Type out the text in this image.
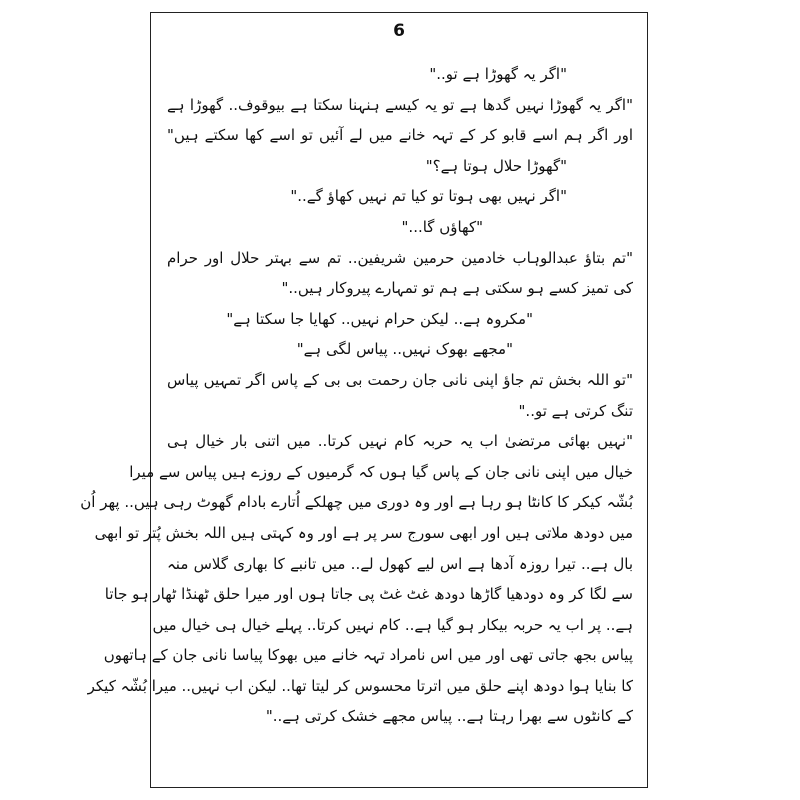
6
"اگر یہ گھوڑا ہے تو.."
"اگر یہ گھوڑا نہیں گدھا ہے تو یہ کیسے ہنہنا سکتا ہے بیوقوف.. گھوڑا ہے
اور اگر ہم اسے قابو کر کے تہہ خانے میں لے آئیں تو اسے کھا سکتے ہیں"
"گھوڑا حلال ہوتا ہے؟"
"اگر نہیں بھی ہوتا تو کیا تم نہیں کھاؤ گے.."
"کھاؤں گا..."
"تم بتاؤ عبدالوہاب خادمین حرمین شریفین.. تم سے بہتر حلال اور حرام
کی تمیز کسے ہو سکتی ہے ہم تو تمہارے پیروکار ہیں.."
"مکروہ ہے.. لیکن حرام نہیں.. کھایا جا سکتا ہے"
"مجھے بھوک نہیں.. پیاس لگی ہے"
"تو اللہ بخش تم جاؤ اپنی نانی جان رحمت بی بی کے پاس اگر تمہیں پیاس
تنگ کرتی ہے تو.."
"نہیں بھائی مرتضیٰ اب یہ حربہ کام نہیں کرتا.. میں اتنی بار خیال ہی
خیال میں اپنی نانی جان کے پاس گیا ہوں کہ گرمیوں کے روزے ہیں پیاس سے میرا
بُشّہ کیکر کا کانٹا ہو رہا ہے اور وہ دوری میں چھلکے اُتارے بادام گھوٹ رہی ہیں.. پھر اُن
میں دودھ ملاتی ہیں اور ابھی سورج سر پر ہے اور وہ کہتی ہیں اللہ بخش پُتر تو ابھی
بال ہے.. تیرا روزہ آدھا ہے اس لیے کھول لے.. میں تانبے کا بھاری گلاس منہ
سے لگا کر وہ دودھیا گاڑھا دودھ غٹ غٹ پی جاتا ہوں اور میرا حلق ٹھنڈا ٹھار ہو جاتا
ہے.. پر اب یہ حربہ بیکار ہو گیا ہے.. کام نہیں کرتا.. پہلے خیال ہی خیال میں
پیاس بجھ جاتی تھی اور میں اس نامراد تہہ خانے میں بھوکا پیاسا نانی جان کے ہاتھوں
کا بنایا ہوا دودھ اپنے حلق میں اترتا محسوس کر لیتا تھا.. لیکن اب نہیں.. میرا بُشّہ کیکر
کے کانٹوں سے بھرا رہتا ہے.. پیاس مجھے خشک کرتی ہے.."
